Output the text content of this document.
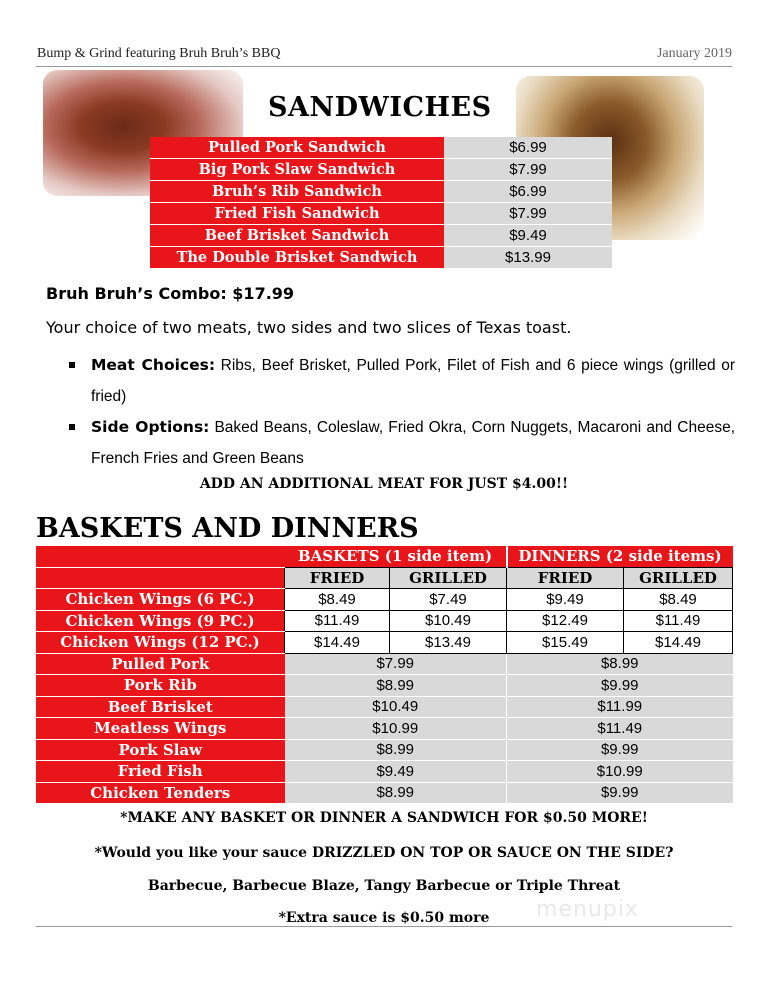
Bump & Grind featuring Bruh Bruh’s BBQ	January 2019
SANDWICHES
Pulled Pork Sandwich	$6.99
Big Pork Slaw Sandwich	$7.99
Bruh’s Rib Sandwich	$6.99
Fried Fish Sandwich	$7.99
Beef Brisket Sandwich	$9.49
The Double Brisket Sandwich	$13.99
Bruh Bruh’s Combo: $17.99
Your choice of two meats, two sides and two slices of Texas toast.
Meat Choices: Ribs, Beef Brisket, Pulled Pork, Filet of Fish and 6 piece wings (grilled or fried)
Side Options: Baked Beans, Coleslaw, Fried Okra, Corn Nuggets, Macaroni and Cheese, French Fries and Green Beans
ADD AN ADDITIONAL MEAT FOR JUST $4.00!!
BASKETS AND DINNERS
	BASKETS (1 side item)		DINNERS (2 side items)	
	FRIED	GRILLED	FRIED	GRILLED
Chicken Wings (6 PC.)	$8.49	$7.49	$9.49	$8.49
Chicken Wings (9 PC.)	$11.49	$10.49	$12.49	$11.49
Chicken Wings (12 PC.)	$14.49	$13.49	$15.49	$14.49
Pulled Pork	$7.99		$8.99	
Pork Rib	$8.99		$9.99	
Beef Brisket	$10.49		$11.99	
Meatless Wings	$10.99		$11.49	
Pork Slaw	$8.99		$9.99	
Fried Fish	$9.49		$10.99	
Chicken Tenders	$8.99		$9.99	
*MAKE ANY BASKET OR DINNER A SANDWICH FOR $0.50 MORE!
*Would you like your sauce DRIZZLED ON TOP OR SAUCE ON THE SIDE?
Barbecue, Barbecue Blaze, Tangy Barbecue or Triple Threat
*Extra sauce is $0.50 more	menupix
